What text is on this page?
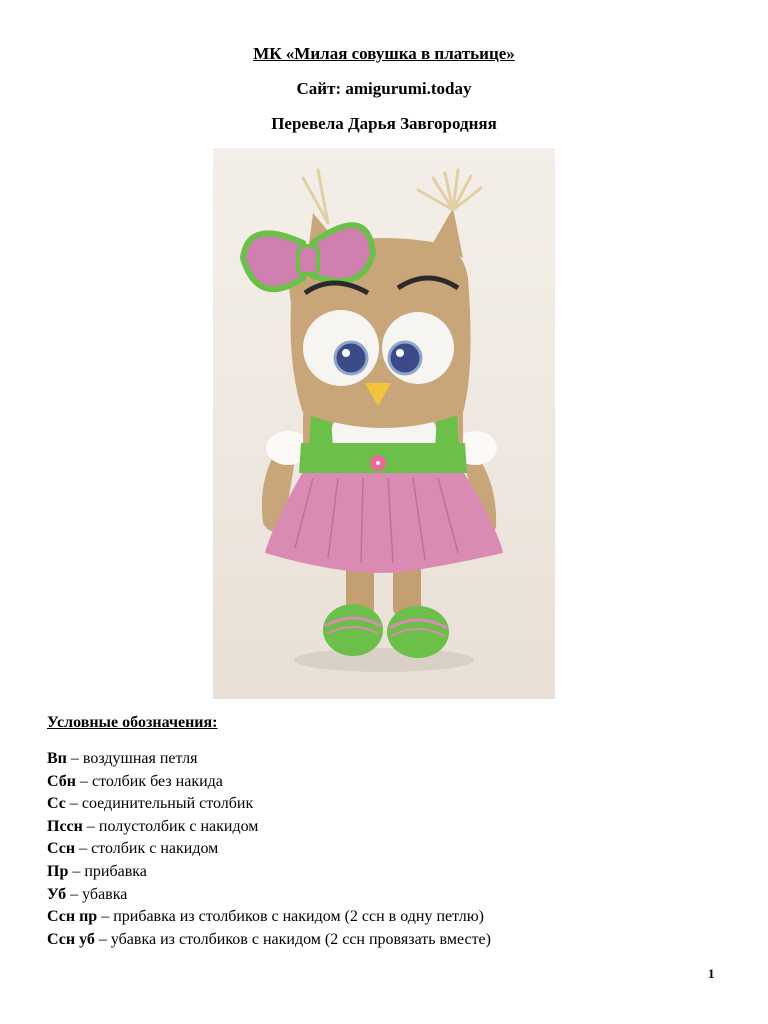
МК «Милая совушка в платьице»
Сайт: amigurumi.today
Перевела Дарья Завгородняя
Условные обозначения:
Вп – воздушная петля
Сбн – столбик без накида
Сс – соединительный столбик
Пссн – полустолбик с накидом
Ссн – столбик с накидом
Пр – прибавка
Уб – убавка
Ссн пр – прибавка из столбиков с накидом (2 ссн в одну петлю)
Ссн уб – убавка из столбиков с накидом (2 ссн провязать вместе)
1
